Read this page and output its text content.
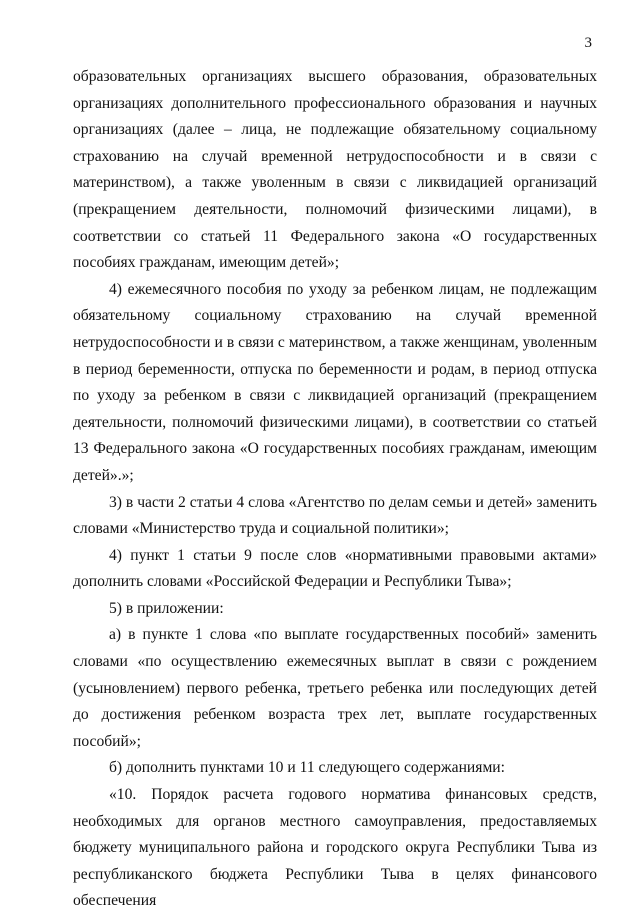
3

образовательных организациях высшего образования, образовательных организациях дополнительного профессионального образования и научных организациях (далее – лица, не подлежащие обязательному социальному страхованию на случай временной нетрудоспособности и в связи с материнством), а также уволенным в связи с ликвидацией организаций (прекращением деятельности, полномочий физическими лицами), в соответствии со статьей 11 Федерального закона «О государственных пособиях гражданам, имеющим детей»;

4) ежемесячного пособия по уходу за ребенком лицам, не подлежащим обязательному социальному страхованию на случай временной нетрудоспособности и в связи с материнством, а также женщинам, уволенным в период беременности, отпуска по беременности и родам, в период отпуска по уходу за ребенком в связи с ликвидацией организаций (прекращением деятельности, полномочий физическими лицами), в соответствии со статьей 13 Федерального закона «О государственных пособиях гражданам, имеющим детей».»;

3) в части 2 статьи 4 слова «Агентство по делам семьи и детей» заменить словами «Министерство труда и социальной политики»;

4) пункт 1 статьи 9 после слов «нормативными правовыми актами» дополнить словами «Российской Федерации и Республики Тыва»;

5) в приложении:

а) в пункте 1 слова «по выплате государственных пособий» заменить словами «по осуществлению ежемесячных выплат в связи с рождением (усыновлением) первого ребенка, третьего ребенка или последующих детей до достижения ребенком возраста трех лет, выплате государственных пособий»;

б) дополнить пунктами 10 и 11 следующего содержаниями:

«10. Порядок расчета годового норматива финансовых средств, необходимых для органов местного самоуправления, предоставляемых бюджету муниципального района и городского округа Республики Тыва из республиканского бюджета Республики Тыва в целях финансового обеспечения
